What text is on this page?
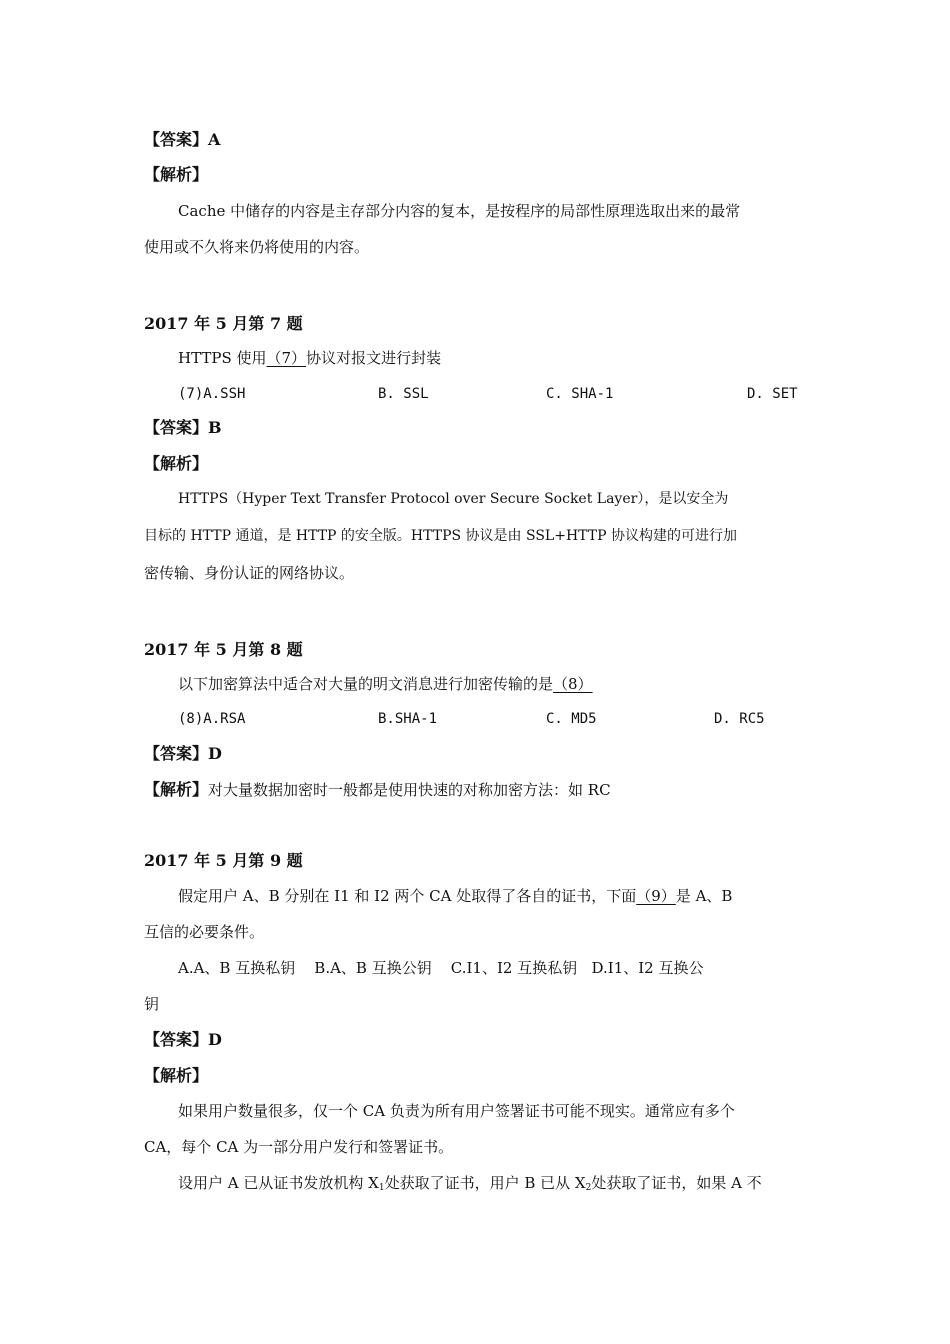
【答案】A
【解析】
Cache 中储存的内容是主存部分内容的复本，是按程序的局部性原理选取出来的最常
使用或不久将来仍将使用的内容。
2017 年 5 月第 7 题
HTTPS 使用（7）协议对报文进行封装
(7)A.SSH	B. SSL	C. SHA-1	D. SET
【答案】B
【解析】
HTTPS（Hyper Text Transfer Protocol over Secure Socket Layer），是以安全为
目标的 HTTP 通道，是 HTTP 的安全版。HTTPS 协议是由 SSL+HTTP 协议构建的可进行加
密传输、身份认证的网络协议。
2017 年 5 月第 8 题
以下加密算法中适合对大量的明文消息进行加密传输的是（8）
(8)A.RSA	B.SHA-1	C. MD5	D. RC5
【答案】D
【解析】对大量数据加密时一般都是使用快速的对称加密方法：如 RC
2017 年 5 月第 9 题
假定用户 A、B 分别在 I1 和 I2 两个 CA 处取得了各自的证书，下面（9）是 A、B
互信的必要条件。
A.A、B 互换私钥    B.A、B 互换公钥    C.I1、I2 互换私钥   D.I1、I2 互换公
钥
【答案】D
【解析】
如果用户数量很多，仅一个 CA 负责为所有用户签署证书可能不现实。通常应有多个
CA，每个 CA 为一部分用户发行和签署证书。
设用户 A 已从证书发放机构 $X_1$处获取了证书，用户 B 已从 $X_2$处获取了证书，如果 A 不
